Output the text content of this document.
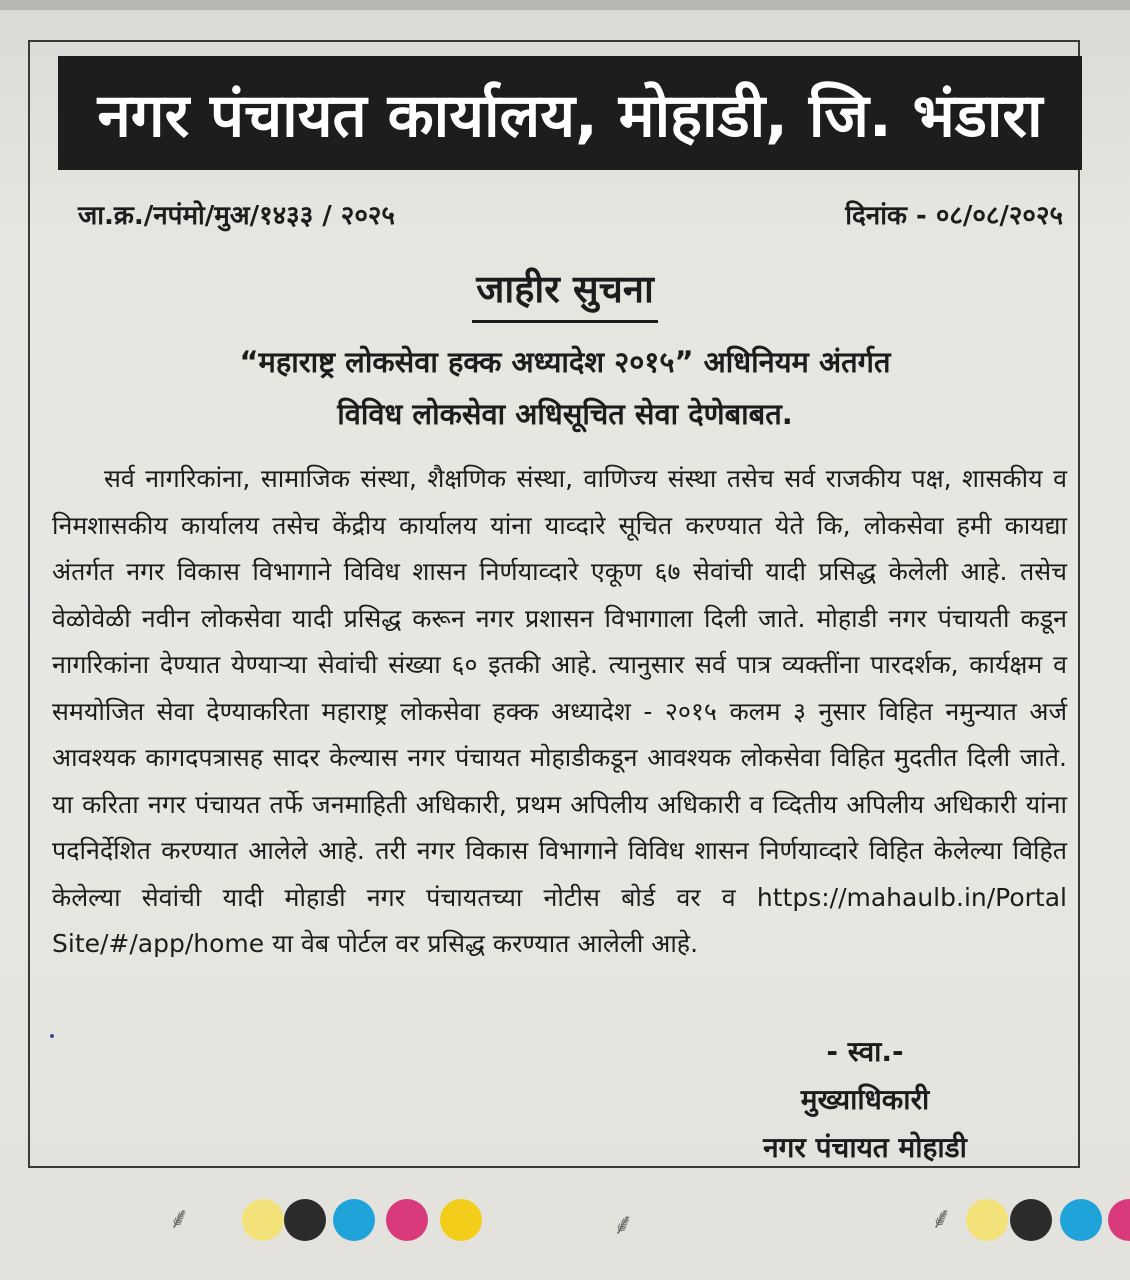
नगर पंचायत कार्यालय, मोहाडी, जि. भंडारा
जा.क्र./नपंमो/मुअ/१४३३ / २०२५	दिनांक - ०८/०८/२०२५
जाहीर सुचना
“महाराष्ट्र लोकसेवा हक्क अध्यादेश २०१५” अधिनियम अंतर्गत
विविध लोकसेवा अधिसूचित सेवा देणेबाबत.

सर्व नागरिकांना, सामाजिक संस्था, शैक्षणिक संस्था, वाणिज्य संस्था तसेच सर्व राजकीय पक्ष, शासकीय व निमशासकीय कार्यालय तसेच केंद्रीय कार्यालय यांना याव्दारे सूचित करण्यात येते कि, लोकसेवा हमी कायद्या अंतर्गत नगर विकास विभागाने विविध शासन निर्णयाव्दारे एकूण ६७ सेवांची यादी प्रसिद्ध केलेली आहे. तसेच वेळोवेळी नवीन लोकसेवा यादी प्रसिद्ध करून नगर प्रशासन विभागाला दिली जाते. मोहाडी नगर पंचायती कडून नागरिकांना देण्यात येण्याऱ्या सेवांची संख्या ६० इतकी आहे. त्यानुसार सर्व पात्र व्यक्तींना पारदर्शक, कार्यक्षम व समयोजित सेवा देण्याकरिता महाराष्ट्र लोकसेवा हक्क अध्यादेश - २०१५ कलम ३ नुसार विहित नमुन्यात अर्ज आवश्यक कागदपत्रासह सादर केल्यास नगर पंचायत मोहाडीकडून आवश्यक लोकसेवा विहित मुदतीत दिली जाते. या करिता नगर पंचायत तर्फे जनमाहिती अधिकारी, प्रथम अपिलीय अधिकारी व व्दितीय अपिलीय अधिकारी यांना पदनिर्देशित करण्यात आलेले आहे. तरी नगर विकास विभागाने विविध शासन निर्णयाव्दारे विहित केलेल्या विहित केलेल्या सेवांची यादी मोहाडी नगर पंचायतच्या नोटीस बोर्ड वर व https://mahaulb.in/Portal Site/#/app/home या वेब पोर्टल वर प्रसिद्ध करण्यात आलेली आहे.

- स्वा.-
मुख्याधिकारी
नगर पंचायत मोहाडी
⸙	⸙	⸙
